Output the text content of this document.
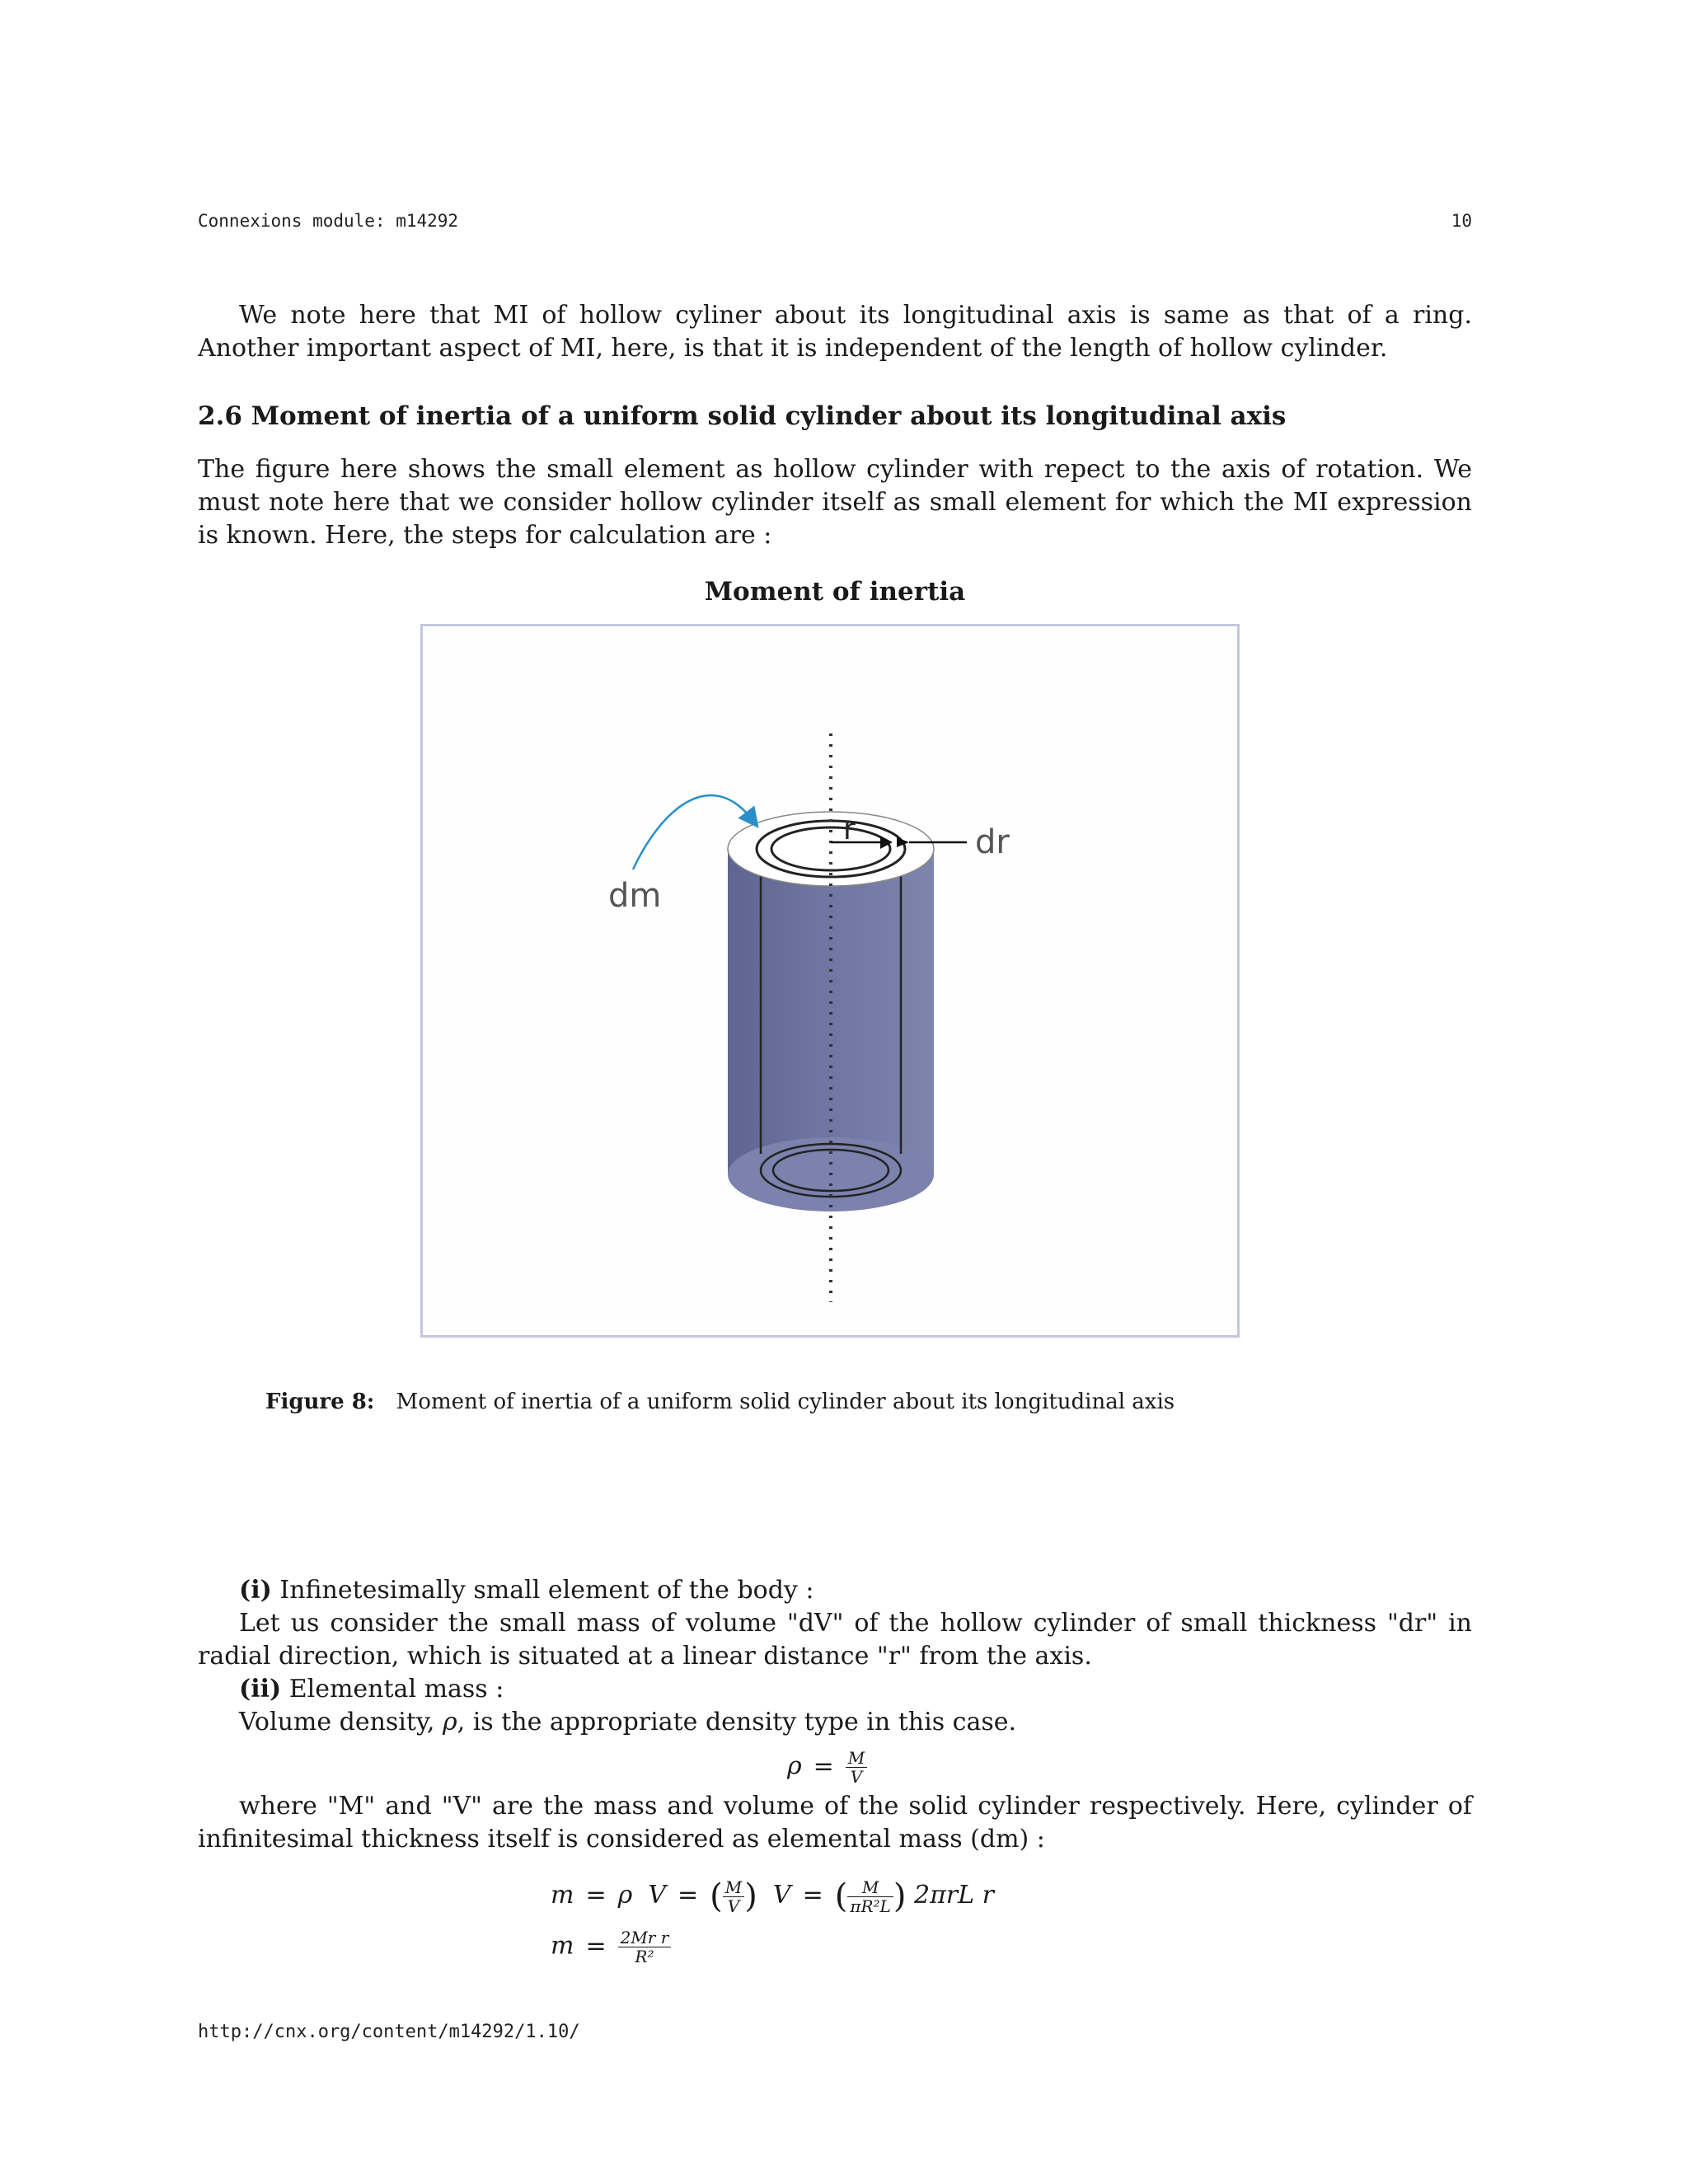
Connexions module: m14292	10
We note here that MI of hollow cyliner about its longitudinal axis is same as that of a ring. Another important aspect of MI, here, is that it is independent of the length of hollow cylinder.
2.6 Moment of inertia of a uniform solid cylinder about its longitudinal axis
The figure here shows the small element as hollow cylinder with repect to the axis of rotation. We must note here that we consider hollow cylinder itself as small element for which the MI expression is known. Here, the steps for calculation are :
Moment of inertia
r	dr
dm
Figure 8: Moment of inertia of a uniform solid cylinder about its longitudinal axis
(i) Infinetesimally small element of the body :
Let us consider the small mass of volume "dV" of the hollow cylinder of small thickness "dr" in radial direction, which is situated at a linear distance "r" from the axis.
(ii) Elemental mass :
Volume density, ρ, is the appropriate density type in this case.
$\rho = \frac{M}{V}$
where "M" and "V" are the mass and volume of the solid cylinder respectively. Here, cylinder of infinitesimal thickness itself is considered as elemental mass (dm) :
m = ρ V = ( $\frac{M}{V}$ ) V = ( $\frac{M}{\text{πR²L}}$ ) 2πrL r
$m = \frac{\text{2Mr r}}{\text{R²}}$
http://cnx.org/content/m14292/1.10/
